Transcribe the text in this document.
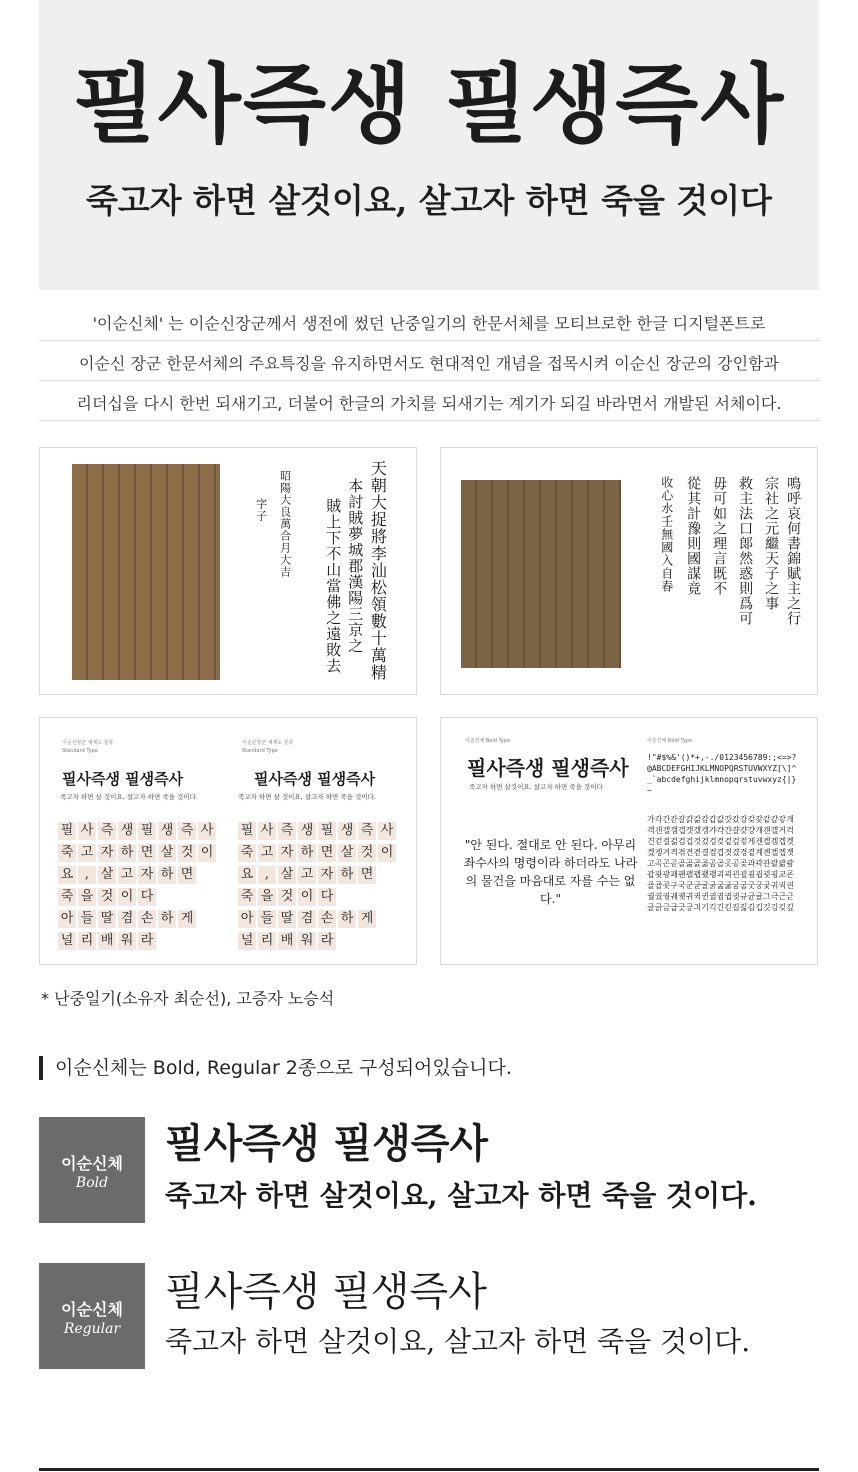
필사즉생 필생즉사
죽고자 하면 살것이요, 살고자 하면 죽을 것이다
'이순신체' 는 이순신장군께서 생전에 썼던 난중일기의 한문서체를 모티브로한 한글 디지털폰트로
이순신 장군 한문서체의 주요특징을 유지하면서도 현대적인 개념을 접목시켜 이순신 장군의 강인함과
리더십을 다시 한번 되새기고, 더불어 한글의 가치를 되새기는 계기가 되길 바라면서 개발된 서체이다.
天朝大捉將李汕松領數十萬精
本討賊夢城郡漢陽三京之
賊上下不山當佛之遠敗去
昭陽大良萬合月大吉
字子	鳴呼哀何書錦賦主之行
宗社之元繼天子之事
救主法口郞然惑則爲可
毋可如之理言既不
從其計豫則國謀竟
收心水壬無國入自春
이순신장군 체계도 분류
Standard Type
필사즉생 필생즉사
죽고자 하면 살 것이요, 살고자 하면 죽을 것이다.
필 사 즉 생 필 생 즉 사
죽 고 자 하 면 살 것 이
요 , 살 고 자 하 면
죽 을 것 이 다
아 들 딸 겸 손 하 게
널 리 배 워 라
이순신장군 체계도 분류
Standard Type
필사즉생 필생즉사
죽고자 하면 살 것이요, 살고자 하면 죽을 것이다.
필 사 즉 생 필 생 즉 사
죽 고 자 하 면 살 것 이
요 , 살 고 자 하 면
죽 을 것 이 다
아 들 딸 겸 손 하 게
널 리 배 워 라
이순신체 Bold Type	이순신체 Bold Type
필사즉생 필생즉사
죽고자 하면 살것이요. 살고자 하면 죽을 것이다
"안 된다. 절대로 안 된다. 아무리 좌수사의 명령이라 하더라도 나라의 물건을 마음대로 자를 수는 없다."
!"#$%&'()*+,-./0123456789:;<=>?@ABCDEFGHIJKLMNOPQRSTUVWXYZ[\]^_`abcdefghijklmnopqrstuvwxyz{|}~
가각간갇갈갉갊감갑값갓갔강갖갗같갚갛개객갠갤갬갭갯갰갱갸갹갼걀걋걍걔걘걜거걱건걷걸걺검겁것겄겅겆겉겊겋게겐겔겜겝겟겠겡겨격겪견겯결겸겹겻겼경곁계곈곌곕곗고곡곤곧골곪곬곯곰곱곳공곶과곽관괄괆괌괍괏광괘괜괠괩괬괭괴괵괸괼굄굅굇굉교굔굘굡굣구국군굳굴굵굶굻굼굽굿궁궂궈궉권궐궜궝궤궷귀귁귄귈귐귑귓규균귤그극근귿글긁금급긋긍긔기긱긴긷길긺김깁깃깅깆깊
* 난중일기(소유자 최순선), 고증자 노승석
이순신체는 Bold, Regular 2종으로 구성되어있습니다.
이순신체
Bold
필사즉생 필생즉사
죽고자 하면 살것이요, 살고자 하면 죽을 것이다.
이순신체
Regular
필사즉생 필생즉사
죽고자 하면 살것이요, 살고자 하면 죽을 것이다.
